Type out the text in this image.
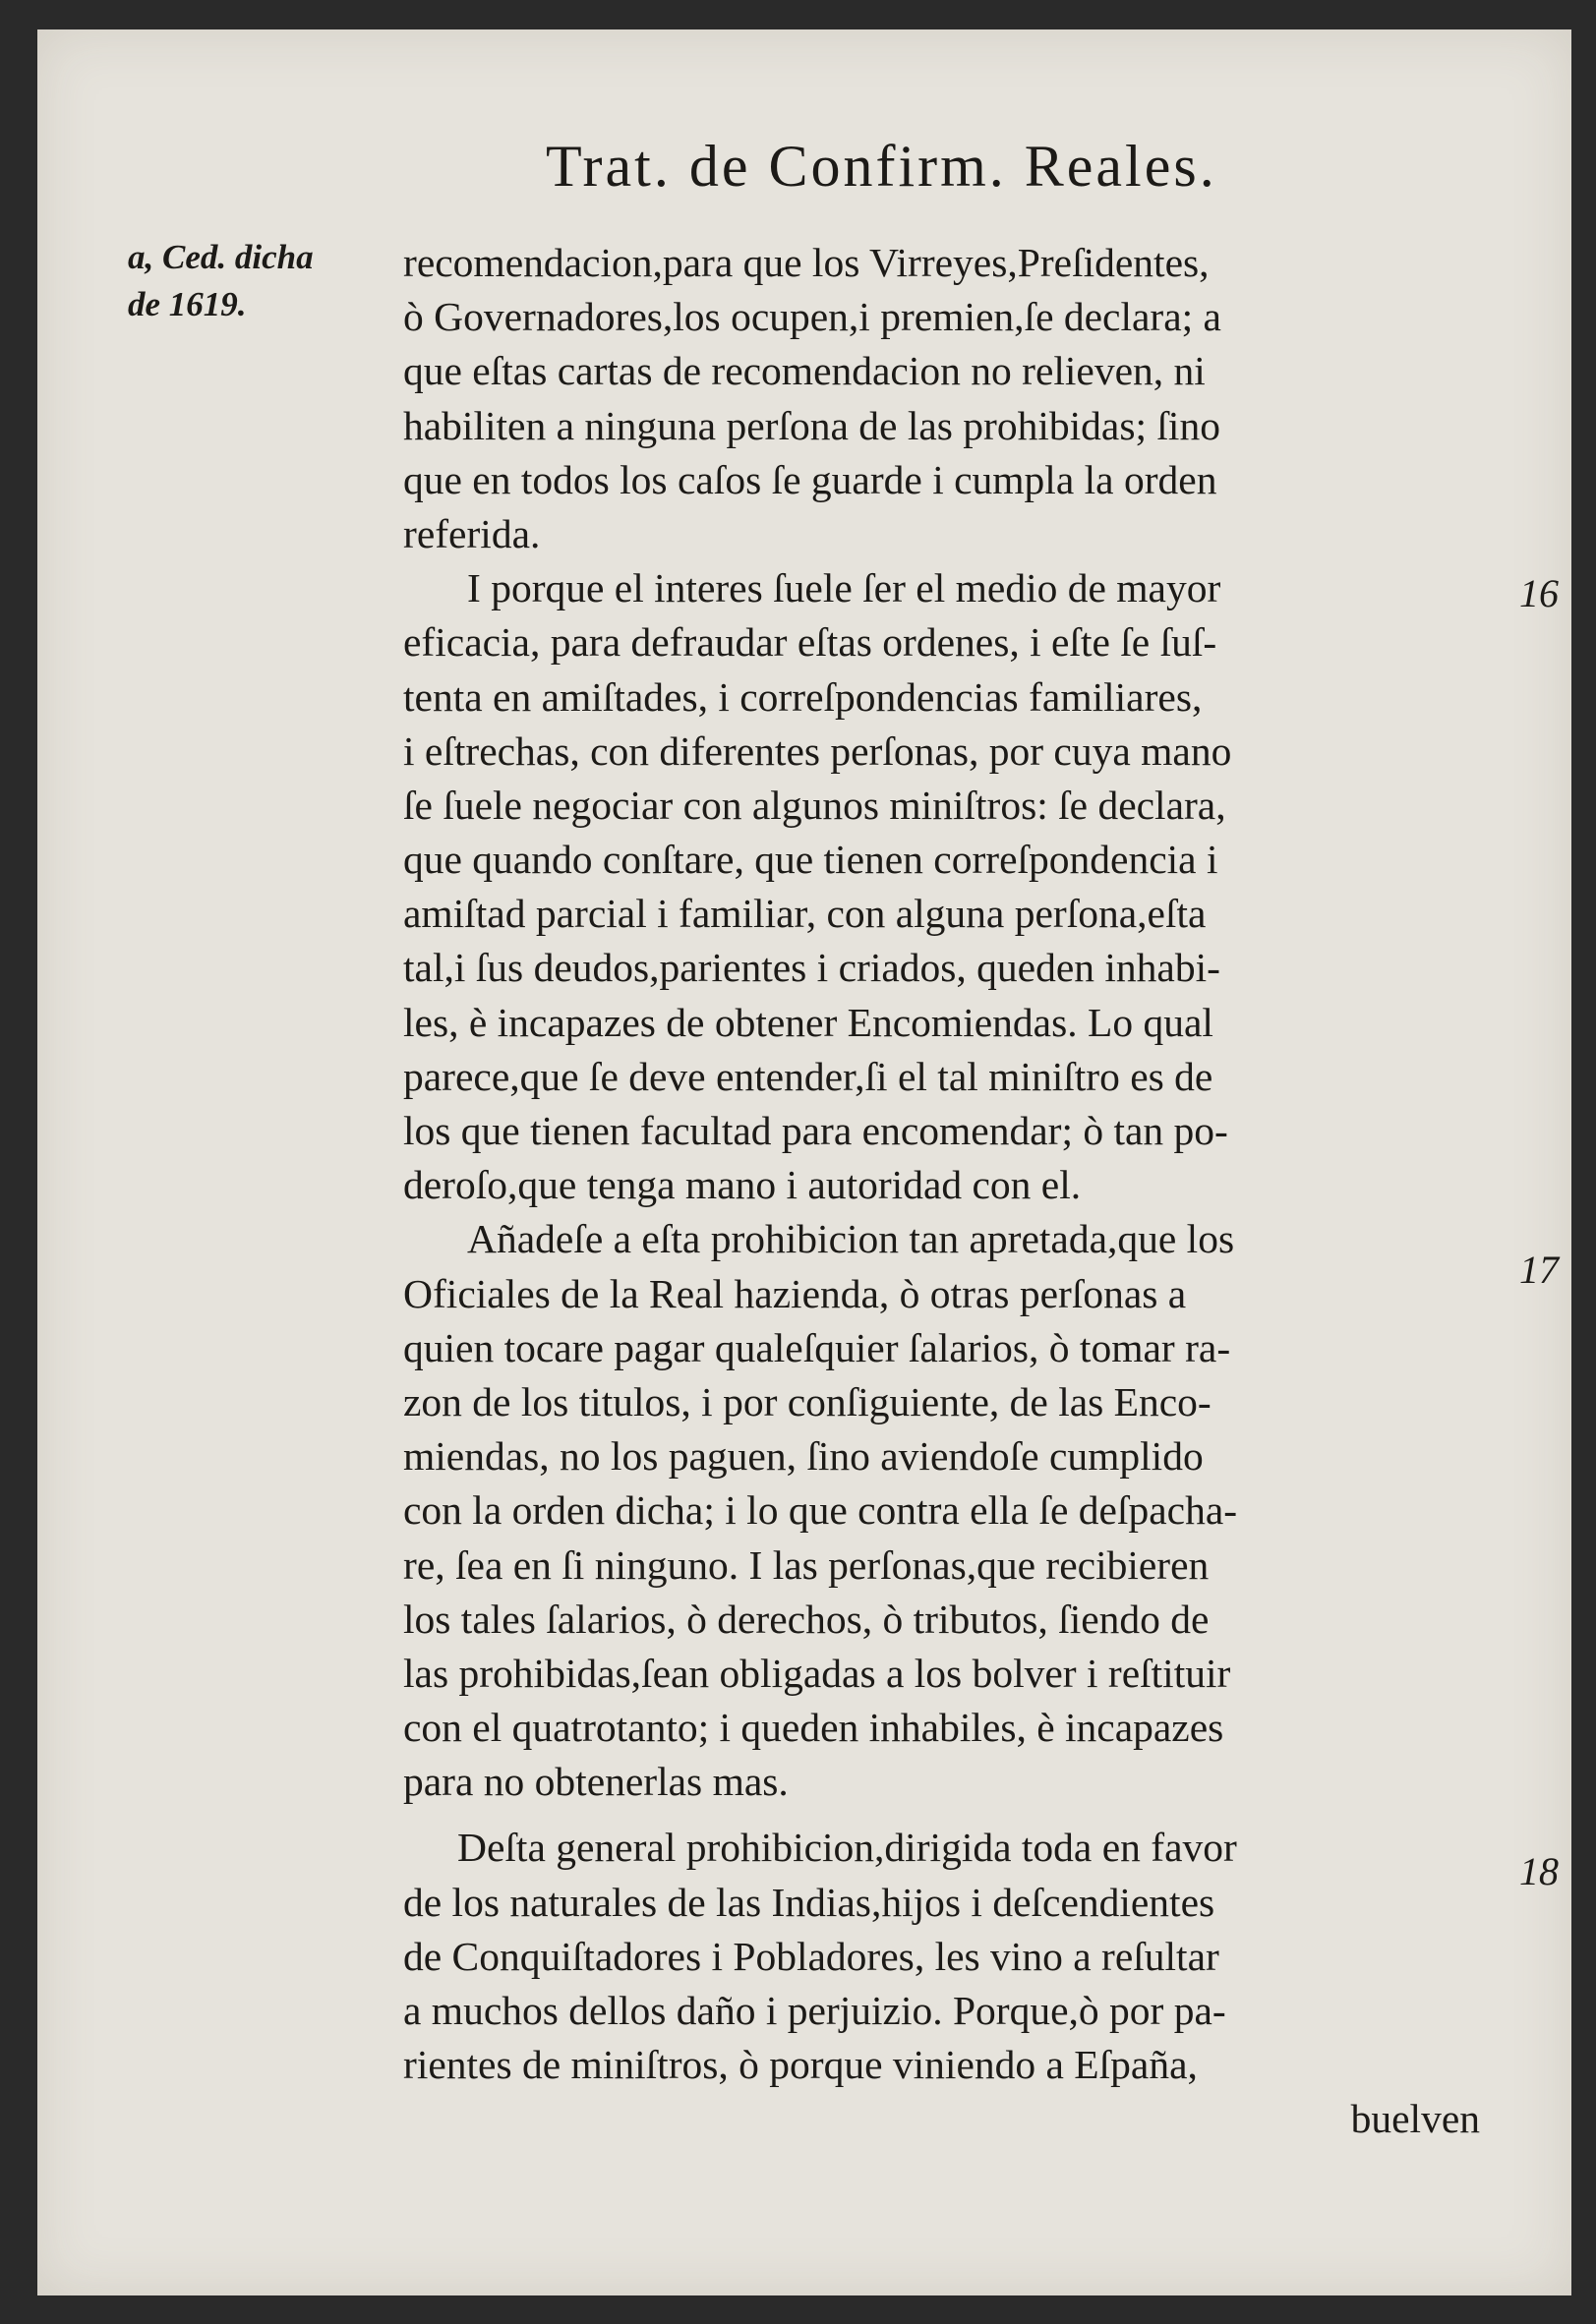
Trat. de Confirm. Reales.
a, Ced. dicha
de 1619.
recomendacion,para que los Virreyes,Preſidentes,
ò Governadores,los ocupen,i premien,ſe declara; a
que eſtas cartas de recomendacion no relieven, ni
habiliten a ninguna perſona de las prohibidas; ſino
que en todos los caſos ſe guarde i cumpla la orden
referida.
I porque el interes ſuele ſer el medio de mayor
eficacia, para defraudar eſtas ordenes, i eſte ſe ſuſ-
tenta en amiſtades, i correſpondencias familiares,
i eſtrechas, con diferentes perſonas, por cuya mano
ſe ſuele negociar con algunos miniſtros: ſe declara,
que quando conſtare, que tienen correſpondencia i
amiſtad parcial i familiar, con alguna perſona,eſta
tal,i ſus deudos,parientes i criados, queden inhabi-
les, è incapazes de obtener Encomiendas. Lo qual
parece,que ſe deve entender,ſi el tal miniſtro es de
los que tienen facultad para encomendar; ò tan po-
deroſo,que tenga mano i autoridad con el.
Añadeſe a eſta prohibicion tan apretada,que los
Oficiales de la Real hazienda, ò otras perſonas a
quien tocare pagar qualeſquier ſalarios, ò tomar ra-
zon de los titulos, i por conſiguiente, de las Enco-
miendas, no los paguen, ſino aviendoſe cumplido
con la orden dicha; i lo que contra ella ſe deſpacha-
re, ſea en ſi ninguno. I las perſonas,que recibieren
los tales ſalarios, ò derechos, ò tributos, ſiendo de
las prohibidas,ſean obligadas a los bolver i reſtituir
con el quatrotanto; i queden inhabiles, è incapazes
para no obtenerlas mas.
Deſta general prohibicion,dirigida toda en favor
de los naturales de las Indias,hijos i deſcendientes
de Conquiſtadores i Pobladores, les vino a reſultar
a muchos dellos daño i perjuizio. Porque,ò por pa-
rientes de miniſtros, ò porque viniendo a Eſpaña,
buelven
16
17
18
